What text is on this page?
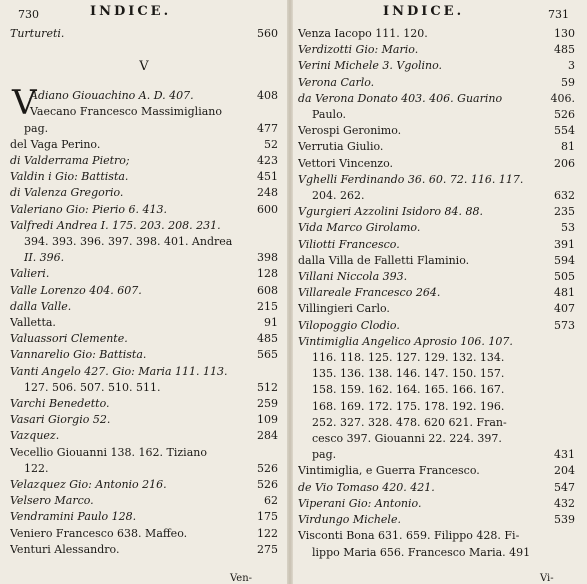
730	INDICE.
Turtureti.	560
V
V
Adiano Giouachino A. D. 407.	408
Vaecano Francesco Massimigliano
pag.	477
del Vaga Perino.	52
di Valderrama Pietro;	423
Valdin i Gio: Battista.	451
di Valenza Gregorio.	248
Valeriano Gio: Pierio 6. 413.	600
Valfredi Andrea I. 175. 203. 208. 231.
394. 393. 396. 397. 398. 401. Andrea
II. 396.	398
Valieri.	128
Valle Lorenzo 404. 607.	608
dalla Valle.	215
Valletta.	91
Valuassori Clemente.	485
Vannarelio Gio: Battista.	565
Vanti Angelo 427. Gio: Maria 111. 113.
127. 506. 507. 510. 511.	512
Varchi Benedetto.	259
Vasari Giorgio 52.	109
Vazquez.	284
Vecellio Giouanni 138. 162. Tiziano
122.	526
Velazquez Gio: Antonio 216.	526
Velsero Marco.	62
Vendramini Paulo 128.	175
Veniero Francesco 638. Maffeo.	122
Venturi Alessandro.	275
Ven-
INDICE.	731
Venza Iacopo 111. 120.	130
Verdizotti Gio: Mario.	485
Verini Michele 3. Vgolino.	3
Verona Carlo.	59
da Verona Donato 403. 406. Guarino	406.
Paulo.	526
Verospi Geronimo.	554
Verrutia Giulio.	81
Vettori Vincenzo.	206
Vghelli Ferdinando 36. 60. 72. 116. 117.
204. 262.	632
Vgurgieri Azzolini Isidoro 84. 88.	235
Vida Marco Girolamo.	53
Viliotti Francesco.	391
dalla Villa de Falletti Flaminio.	594
Villani Niccola 393.	505
Villareale Francesco 264.	481
Villingieri Carlo.	407
Vilopoggio Clodio.	573
Vintimiglia Angelico Aprosio 106. 107.
116. 118. 125. 127. 129. 132. 134.
135. 136. 138. 146. 147. 150. 157.
158. 159. 162. 164. 165. 166. 167.
168. 169. 172. 175. 178. 192. 196.
252. 327. 328. 478. 620 621. Fran-
cesco 397. Giouanni 22. 224. 397.
pag.	431
Vintimiglia, e Guerra Francesco.	204
de Vio Tomaso 420. 421.	547
Viperani Gio: Antonio.	432
Virdungo Michele.	539
Visconti Bona 631. 659. Filippo 428. Fi-
lippo Maria 656. Francesco Maria. 491
Vi-
